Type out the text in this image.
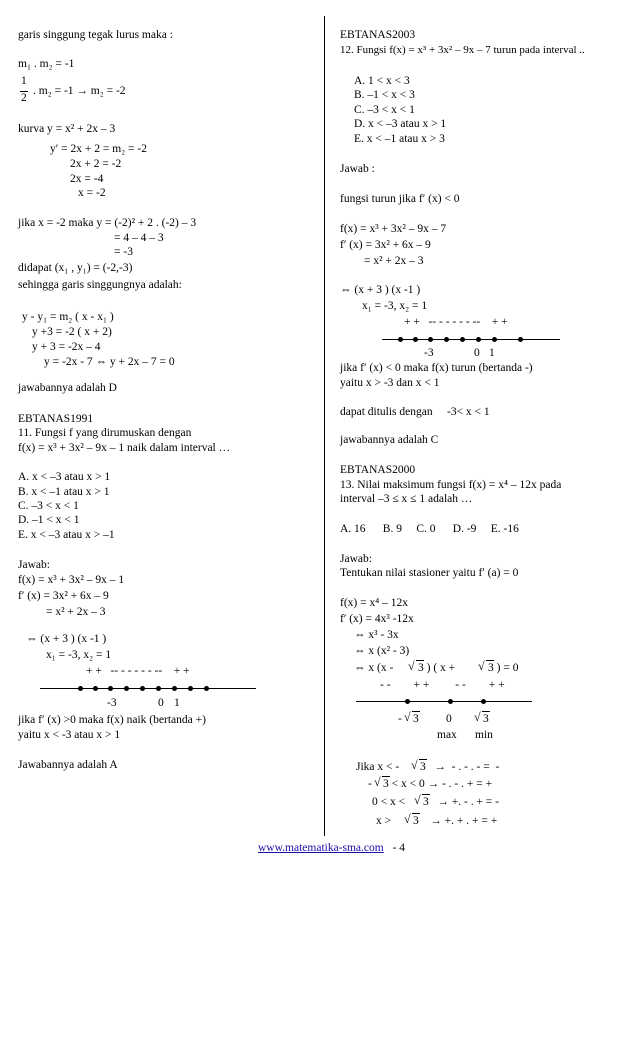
garis singgung tegak lurus maka :
m₁ . m₂ = -1
1
2
. m₂ = -1 → m₂ = -2
kurva y = x² + 2x – 3
y′ = 2x + 2 = m₂ = -2
2x + 2 = -2
2x = -4
x = -2
jika x = -2 maka y = (-2)² + 2 . (-2) – 3
= 4 – 4 – 3
= -3
didapat (x₁ , y₁) = (-2,-3)
sehingga garis singgungnya adalah:
y - y₁ = m₂ ( x - x₁ )
y +3 = -2 ( x + 2)
y + 3 = -2x – 4
y = -2x - 7 ⇔ y + 2x – 7 = 0
jawabannya adalah D
EBTANAS1991
11. Fungsi f yang dirumuskan dengan
f(x) = x³ + 3x² – 9x – 1 naik dalam interval …
A. x < –3 atau x > 1
B. x < –1 atau x > 1
C. –3 < x < 1
D. –1 < x < 1
E. x < –3 atau x > –1
Jawab:
f(x) = x³ + 3x² – 9x – 1
f′ (x) = 3x² + 6x – 9
= x² + 2x – 3
⇔ (x + 3 ) (x -1 )
x₁ = -3, x₂ = 1
+ +   -- - - - - - --    + +
-3	0 1
jika f′ (x) >0 maka f(x) naik (bertanda +)
yaitu x < -3 atau x > 1
Jawabannya adalah A
EBTANAS2003
12. Fungsi f(x) = x³ + 3x² – 9x – 7 turun pada interval ..
A. 1 < x < 3
B. –1 < x < 3
C. –3 < x < 1
D. x < –3 atau x > 1
E. x < –1 atau x > 3
Jawab :
fungsi turun jika f′ (x) < 0
f(x) = x³ + 3x² – 9x – 7
f′ (x) = 3x² + 6x – 9
= x² + 2x – 3
⇔ (x + 3 ) (x -1 )
x₁ = -3, x₂ = 1
+ +   -- - - - - - --    + +
-3	0 1
jika f′ (x) < 0 maka f(x) turun (bertanda -)
yaitu x > -3 dan x < 1
dapat ditulis dengan     -3< x < 1
jawabannya adalah C
EBTANAS2000
13. Nilai maksimum fungsi f(x) = x⁴ – 12x pada
interval –3 ≤ x ≤ 1 adalah …
A. 16      B. 9     C. 0      D. -9     E. -16
Jawab:
Tentukan nilai stasioner yaitu f′ (a) = 0
f(x) = x⁴ – 12x
f′ (x) = 4x³ -12x
⇔ x³ - 3x
⇔ x (x² - 3)
⇔ x (x - √ 3 ) ( x + √ 3 ) = 0
- -        + +         - -        + +
- √ 3 0 √ 3
max min
Jika x < - √ 3   →  - . - . - =  -
- √ 3 < x < 0 → - . - . + = +
0 < x < √ 3   → +. - . + = -
x > √ 3    → +. + . + = +
www.matematika-sma.com - 4
